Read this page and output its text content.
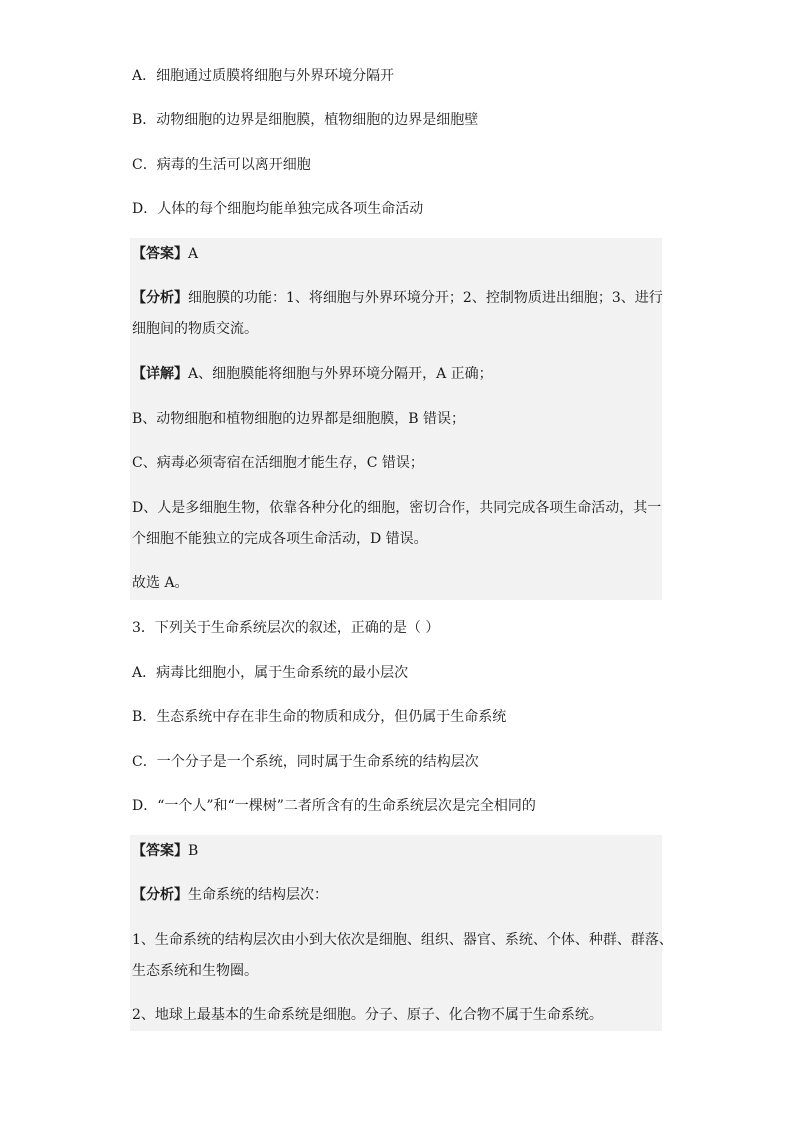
A．细胞通过质膜将细胞与外界环境分隔开
B．动物细胞的边界是细胞膜，植物细胞的边界是细胞壁
C．病毒的生活可以离开细胞
D．人体的每个细胞均能单独完成各项生命活动
【答案】A
【分析】细胞膜的功能：1、将细胞与外界环境分开；2、控制物质进出细胞；3、进行
细胞间的物质交流。
【详解】A、细胞膜能将细胞与外界环境分隔开，A 正确；
B、动物细胞和植物细胞的边界都是细胞膜，B 错误；
C、病毒必须寄宿在活细胞才能生存，C 错误；
D、人是多细胞生物，依靠各种分化的细胞，密切合作，共同完成各项生命活动，其一
个细胞不能独立的完成各项生命活动，D 错误。
故选 A。
3．下列关于生命系统层次的叙述，正确的是（ ）
A．病毒比细胞小，属于生命系统的最小层次
B．生态系统中存在非生命的物质和成分，但仍属于生命系统
C．一个分子是一个系统，同时属于生命系统的结构层次
D．“一个人”和“一棵树”二者所含有的生命系统层次是完全相同的
【答案】B
【分析】生命系统的结构层次：
1、生命系统的结构层次由小到大依次是细胞、组织、器官、系统、个体、种群、群落、
生态系统和生物圈。
2、地球上最基本的生命系统是细胞。分子、原子、化合物不属于生命系统。
